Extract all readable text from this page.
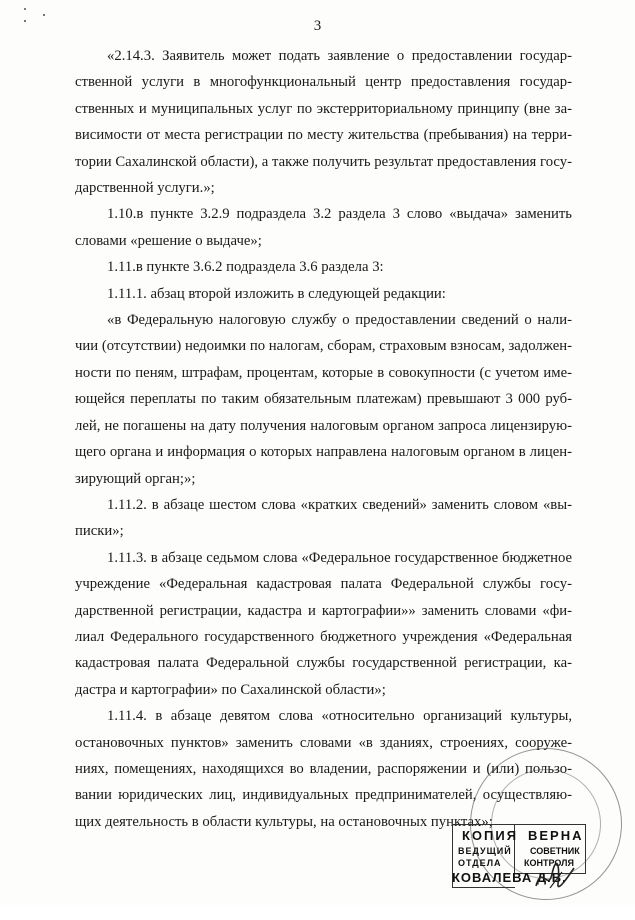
3

«2.14.3. Заявитель может подать заявление о предоставлении государственной услуги в многофункциональный центр предоставления государственных и муниципальных услуг по экстерриториальному принципу (вне зависимости от места регистрации по месту жительства (пребывания) на территории Сахалинской области), а также получить результат предоставления государственной услуги.»;

1.10.в пункте 3.2.9 подраздела 3.2 раздела 3 слово «выдача» заменить словами «решение о выдаче»;

1.11.в пункте 3.6.2 подраздела 3.6 раздела 3:

1.11.1. абзац второй изложить в следующей редакции:

«в Федеральную налоговую службу о предоставлении сведений о наличии (отсутствии) недоимки по налогам, сборам, страховым взносам, задолженности по пеням, штрафам, процентам, которые в совокупности (с учетом имеющейся переплаты по таким обязательным платежам) превышают 3 000 рублей, не погашены на дату получения налоговым органом запроса лицензирующего органа и информация о которых направлена налоговым органом в лицензирующий орган;»;

1.11.2. в абзаце шестом слова «кратких сведений» заменить словом «выписки»;

1.11.3. в абзаце седьмом слова «Федеральное государственное бюджетное учреждение «Федеральная кадастровая палата Федеральной службы государственной регистрации, кадастра и картографии»» заменить словами «филиал Федерального государственного бюджетного учреждения «Федеральная кадастровая палата Федеральной службы государственной регистрации, кадастра и картографии» по Сахалинской области»;

1.11.4. в абзаце девятом слова «относительно организаций культуры, остановочных пунктов» заменить словами «в зданиях, строениях, сооружениях, помещениях, находящихся во владении, распоряжении и (или) пользовании юридических лиц, индивидуальных предпринимателей, осуществляющих деятельность в области культуры, на остановочных пунктах»;

КОПИЯ ВЕРНА
ВЕДУЩИЙ СОВЕТНИК
ОТДЕЛА КОНТРОЛЯ
КОВАЛЕВА Д.В.
